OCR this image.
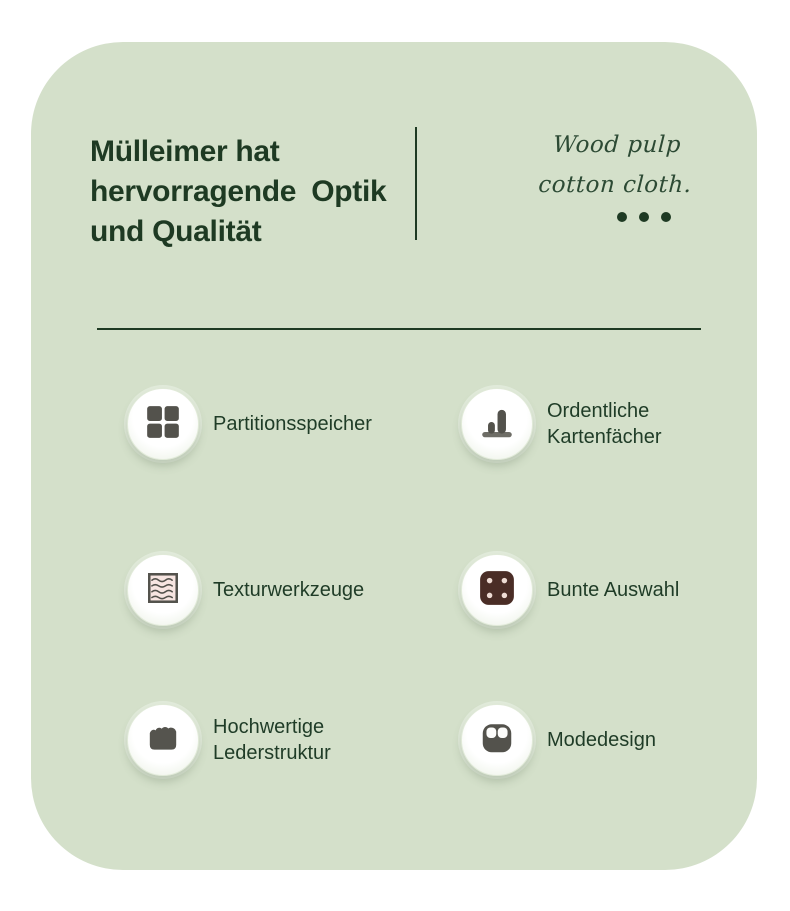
Mülleimer hat
hervorragende Optik
und Qualität
Wood pulp
cotton cloth.
Partitionsspeicher
Ordentliche Kartenfächer
Texturwerkzeuge	Bunte Auswahl
Hochwertige Lederstruktur
Modedesign
